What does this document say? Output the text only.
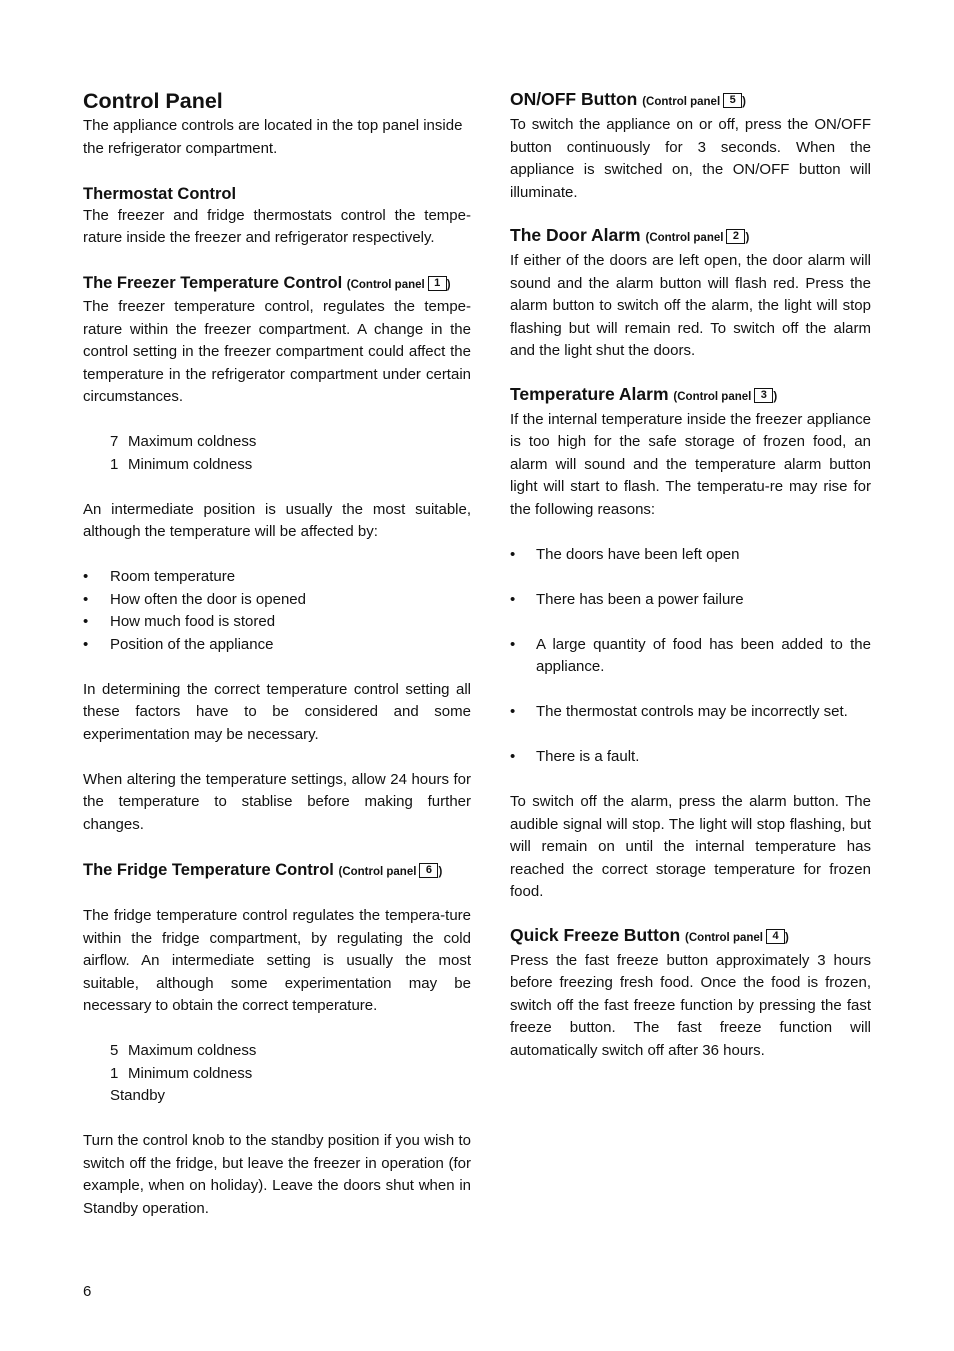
Control Panel

The appliance controls are located in the top panel inside the refrigerator compartment.

Thermostat Control

The freezer and fridge thermostats control the tempe-rature inside the freezer and refrigerator respectively.

The Freezer Temperature Control (Control panel 1 )

The freezer temperature control, regulates the tempe-rature within the freezer compartment. A change in the control setting in the freezer compartment could affect the temperature in the refrigerator compartment under certain circumstances.

7 Maximum coldness
1 Minimum coldness

An intermediate position is usually the most suitable, although the temperature will be affected by:

• Room temperature
• How often the door is opened
• How much food is stored
• Position of the appliance

In determining the correct temperature control setting all these factors have to be considered and some experimentation may be necessary.

When altering the temperature settings, allow 24 hours for the temperature to stablise before making further changes.

The Fridge Temperature Control (Control panel 6 )

The fridge temperature control regulates the tempera-ture within the fridge compartment, by regulating the cold airflow. An intermediate setting is usually the most suitable, although some experimentation may be necessary to obtain the correct temperature.

5 Maximum coldness
1 Minimum coldness
Standby

Turn the control knob to the standby position if you wish to switch off the fridge, but leave the freezer in operation (for example, when on holiday). Leave the doors shut when in Standby operation.

ON/OFF Button (Control panel 5 )

To switch the appliance on or off, press the ON/OFF button continuously for 3 seconds. When the appliance is switched on, the ON/OFF button will illuminate.

The Door Alarm (Control panel 2 )

If either of the doors are left open, the door alarm will sound and the alarm button will flash red. Press the alarm button to switch off the alarm, the light will stop flashing but will remain red. To switch off the alarm and the light shut the doors.

Temperature Alarm (Control panel 3 )

If the internal temperature inside the freezer appliance is too high for the safe storage of frozen food, an alarm will sound and the temperature alarm button light will start to flash. The temperatu-re may rise for the following reasons:

• The doors have been left open
• There has been a power failure
• A large quantity of food has been added to the appliance.
• The thermostat controls may be incorrectly set.
• There is a fault.

To switch off the alarm, press the alarm button. The audible signal will stop. The light will stop flashing, but will remain on until the internal temperature has reached the correct storage temperature for frozen food.

Quick Freeze Button (Control panel 4 )

Press the fast freeze button approximately 3 hours before freezing fresh food. Once the food is frozen, switch off the fast freeze function by pressing the fast freeze button. The fast freeze function will automatically switch off after 36 hours.

6
